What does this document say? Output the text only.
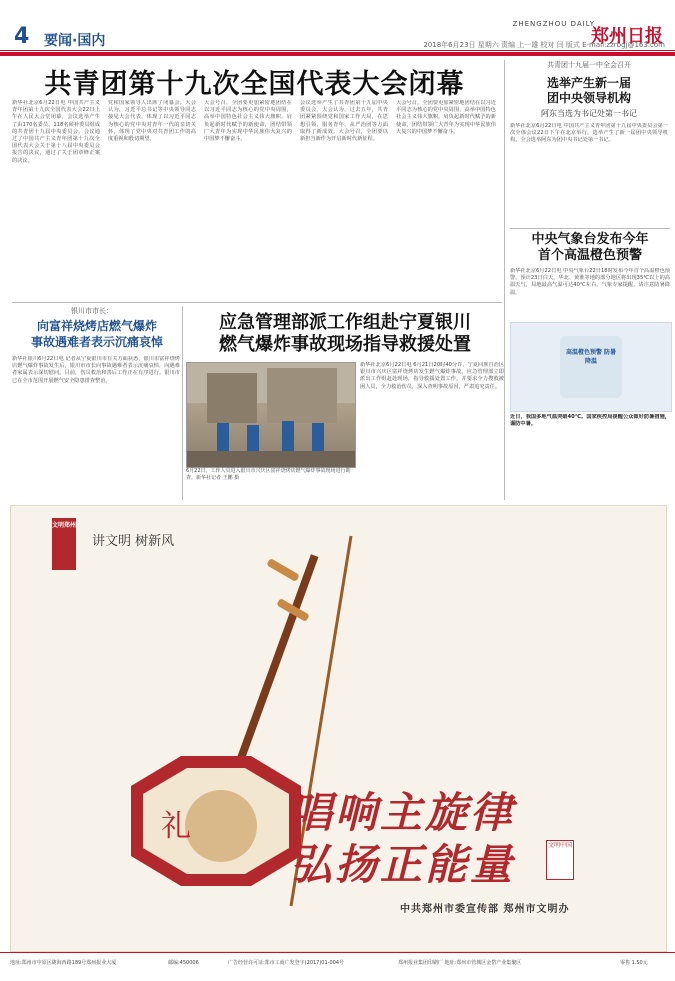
4 要闻·国内
ZHENGZHOU DAILY
郑州日报
2018年6月23日 星期六 责编 上一雄 校对 闫 版式 E-mail:zzrbgj@163.com
共青团第十九次全国代表大会闭幕
新华社北京6月22日电 中国共产主义青年团第十九次全国代表大会22日上午在人民大会堂闭幕。会议选举产生了由170名委员、118名候补委员组成的共青团十九届中央委员会。会议通过了中国共产主义青年团第十九次全国代表大会关于第十八届中央委员会报告的决议，通过了关于团章修正案的决议。
党和国家领导人出席了闭幕会。大会认为，习近平总书记等中央领导同志接见大会代表，体现了以习近平同志为核心的党中央对青年一代的亲切关怀，体现了党中央对共青团工作的高度重视和殷切期望。
大会号召，全团要更加紧密地团结在以习近平同志为核心的党中央周围，高举中国特色社会主义伟大旗帜，肩负起新时代赋予的新使命，团结带领广大青年为实现中华民族伟大复兴的中国梦不懈奋斗。
会议选举产生了共青团第十九届中央委员会。大会认为，过去五年，共青团紧紧围绕党和国家工作大局，在思想引领、服务青年、从严治团等方面取得了新成效。大会号召，全团要以新担当新作为开启新时代新征程。
大会号召，全团要更加紧密地团结在以习近平同志为核心的党中央周围，高举中国特色社会主义伟大旗帜，肩负起新时代赋予的新使命，团结带领广大青年为实现中华民族伟大复兴的中国梦不懈奋斗。
共青团十九届一中全会召开
选举产生新一届
团中央领导机构
阿东当选为书记处第一书记
新华社北京6月22日电 中国共产主义青年团第十九届中央委员会第一次全体会议22日下午在北京举行，选举产生了新一届团中央领导机构。全会选举阿东为团中央书记处第一书记。
中央气象台发布今年
首个高温橙色预警
新华社北京6月22日电 中央气象台22日18时发布今年首个高温橙色预警。预计23日白天，华北、黄淮等地的部分地区将出现35℃以上的高温天气，局地最高气温可达40℃左右。气象专家提醒，请注意防暑降温。
高温橙色预警 防暑降温
近日，我国多地气温突破40℃。国家疾控局提醒公众做好防暑措施，谨防中暑。
银川市市长：
向富祥烧烤店燃气爆炸
事故遇难者表示沉痛哀悼
新华社银川6月22日电 记者从宁夏银川市有关方面获悉，银川市富祥烧烤店燃气爆炸事故发生后，银川市市长向事故遇难者表示沉痛哀悼，向遇难者家属表示深切慰问。目前，伤员救治和善后工作正在有序进行。银川市已在全市范围开展燃气安全隐患排查整治。
应急管理部派工作组赴宁夏银川
燃气爆炸事故现场指导救援处置
6月22日，工作人员进入银川市兴庆区富祥烧烤店燃气爆炸事故现场进行勘查。新华社记者 王鹏 摄
新华社北京6月22日电 6月21日20时40分许，宁夏回族自治区银川市兴庆区富祥烧烤店发生燃气爆炸事故。应急管理部立即派出工作组赶赴现场，指导救援处置工作，并要求全力搜救被困人员，全力救治伤员，深入查明事故原因，严肃追究责任。
礼
文明郑州
讲文明 树新风
唱响主旋律
弘扬正能量	文明中国
中共郑州市委宣传部 郑州市文明办
地址:郑州市中原区陇海西路189号郑州报业大厦	邮编:450006	广告经营许可证:郑市工商广发登字(2017)01-004号	郑州报业集团印刷厂 地址:郑州市管城区金岱产业集聚区	零售 1.50元
